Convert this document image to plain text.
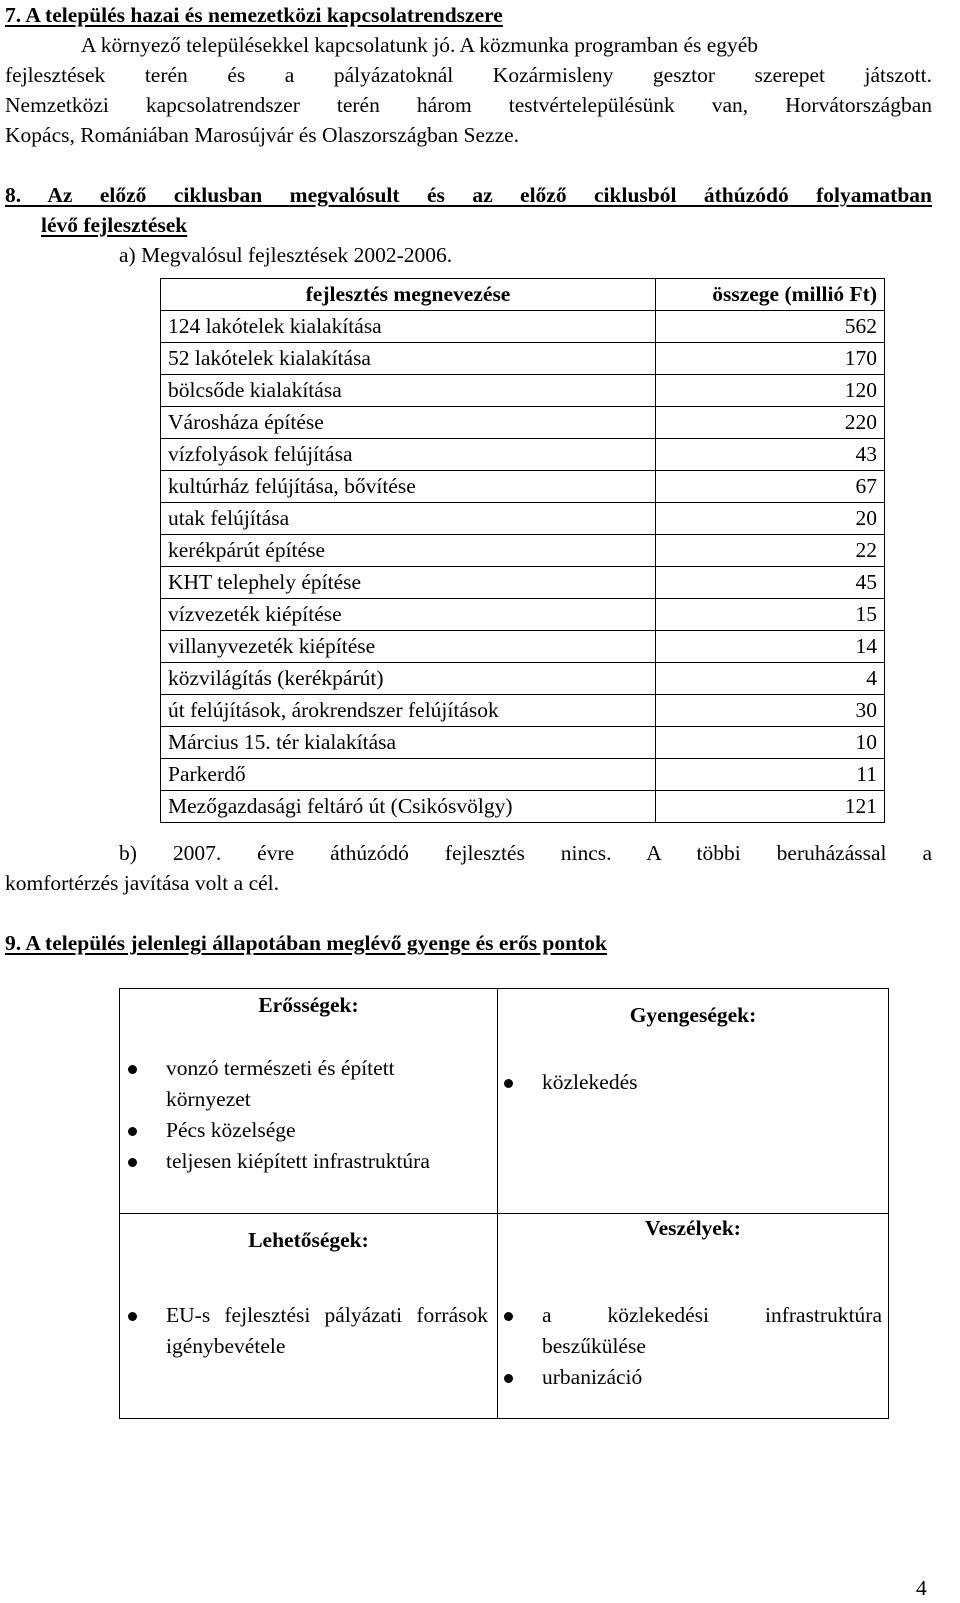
7. A település hazai és nemezetközi kapcsolatrendszere
A környező településekkel kapcsolatunk jó. A közmunka programban és egyéb
fejlesztések terén és a pályázatoknál Kozármisleny gesztor szerepet játszott.
Nemzetközi kapcsolatrendszer terén három testvértelepülésünk van, Horvátországban
Kopács, Romániában Marosújvár és Olaszországban Sezze.
8. Az előző ciklusban megvalósult és az előző ciklusból áthúzódó folyamatban
lévő fejlesztések
a) Megvalósul fejlesztések 2002-2006.
fejlesztés megnevezése	összege (millió Ft)
124 lakótelek kialakítása	562
52 lakótelek kialakítása	170
bölcsőde kialakítása	120
Városháza építése	220
vízfolyások felújítása	43
kultúrház felújítása, bővítése	67
utak felújítása	20
kerékpárút építése	22
KHT telephely építése	45
vízvezeték kiépítése	15
villanyvezeték kiépítése	14
közvilágítás (kerékpárút)	4
út felújítások, árokrendszer felújítások	30
Március 15. tér kialakítása	10
Parkerdő	11
Mezőgazdasági feltáró út (Csikósvölgy)	121
b) 2007. évre áthúzódó fejlesztés nincs. A többi beruházással a
komfortérzés javítása volt a cél.
9. A település jelenlegi állapotában meglévő gyenge és erős pontok
Erősségek:
vonzó természeti és épített környezet
Pécs közelsége
teljesen kiépített infrastruktúra
Gyengeségek:
közlekedés
Lehetőségek:
EU-s fejlesztési pályázati források igénybevétele
Veszélyek:
a közlekedési infrastruktúra beszűkülése
urbanizáció
4
